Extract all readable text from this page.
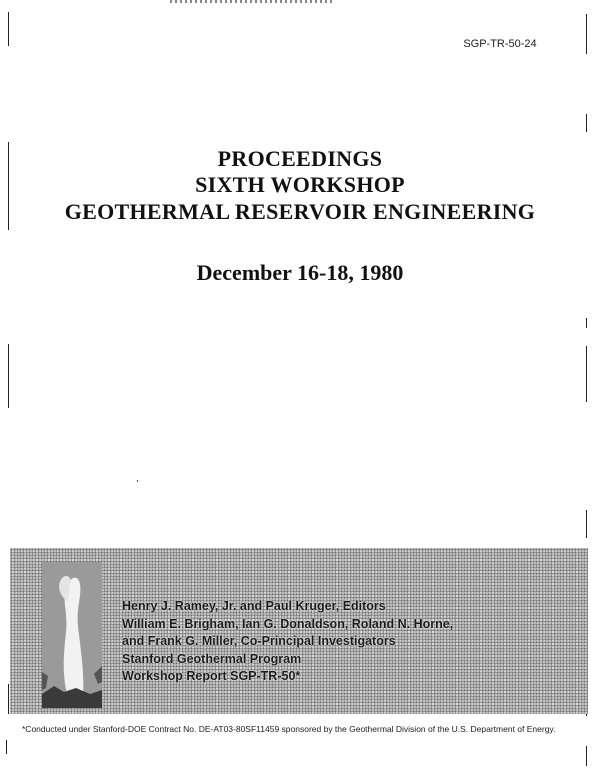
SGP-TR-50-24
PROCEEDINGS
SIXTH WORKSHOP
GEOTHERMAL RESERVOIR ENGINEERING
December 16-18, 1980
Henry J. Ramey, Jr. and Paul Kruger, Editors
William E. Brigham, Ian G. Donaldson, Roland N. Horne,
and Frank G. Miller, Co-Principal Investigators
Stanford Geothermal Program
Workshop Report SGP-TR-50*
*Conducted under Stanford-DOE Contract No. DE-AT03-80SF11459 sponsored by the Geothermal Division of the U.S. Department of Energy.
